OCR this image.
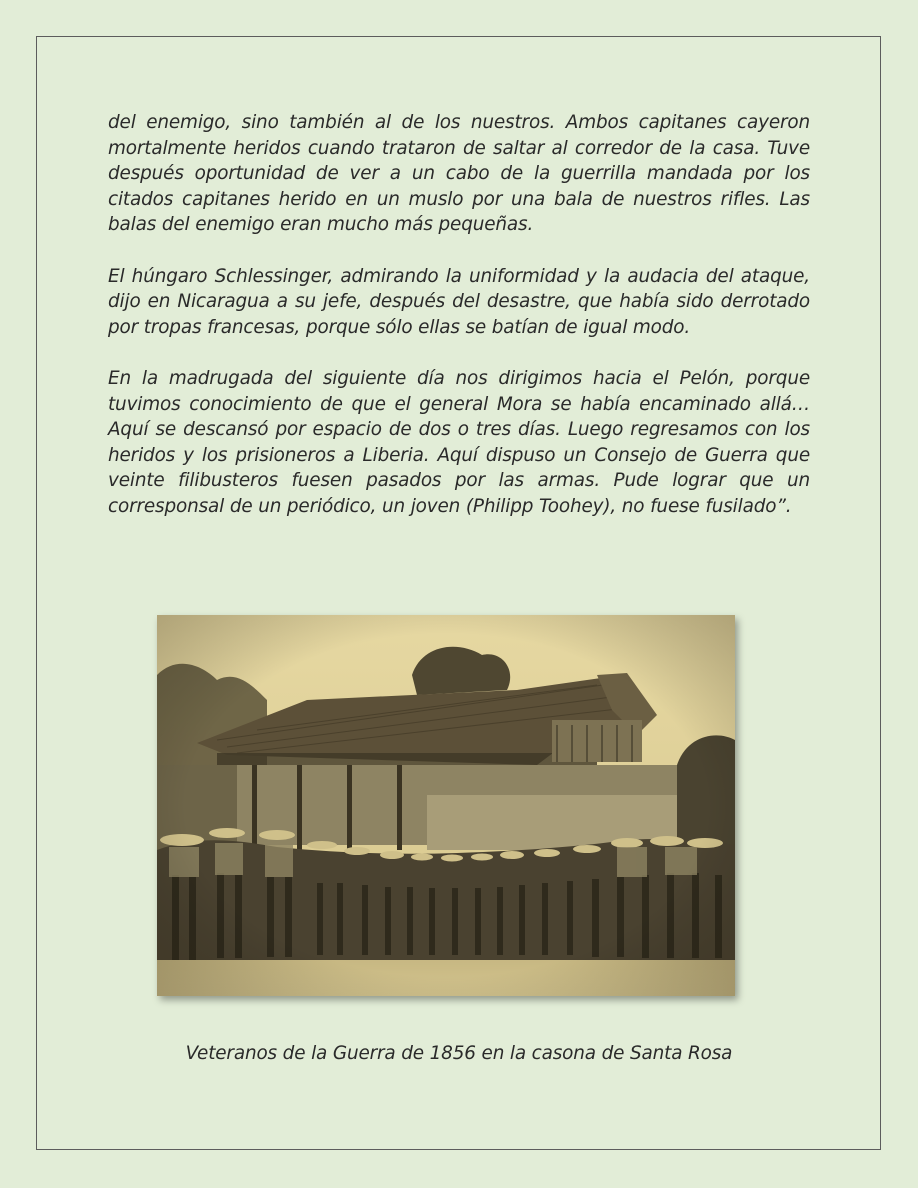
del enemigo, sino también al de los nuestros. Ambos capitanes cayeron mortalmente heridos cuando trataron de saltar al corredor de la casa. Tuve después oportunidad de ver a un cabo de la guerrilla mandada por los citados capitanes herido en un muslo por una bala de nuestros rifles. Las balas del enemigo eran mucho más pequeñas.

El húngaro Schlessinger, admirando la uniformidad y la audacia del ataque, dijo en Nicaragua a su jefe, después del desastre, que había sido derrotado por tropas francesas, porque sólo ellas se batían de igual modo.

En la madrugada del siguiente día nos dirigimos hacia el Pelón, porque tuvimos conocimiento de que el general Mora se había encaminado allá…Aquí se descansó por espacio de dos o tres días. Luego regresamos con los heridos y los prisioneros a Liberia. Aquí dispuso un Consejo de Guerra que veinte filibusteros fuesen pasados por las armas. Pude lograr que un corresponsal de un periódico, un joven (Philipp Toohey), no fuese fusilado”.

Veteranos de la Guerra de 1856 en la casona de Santa Rosa
